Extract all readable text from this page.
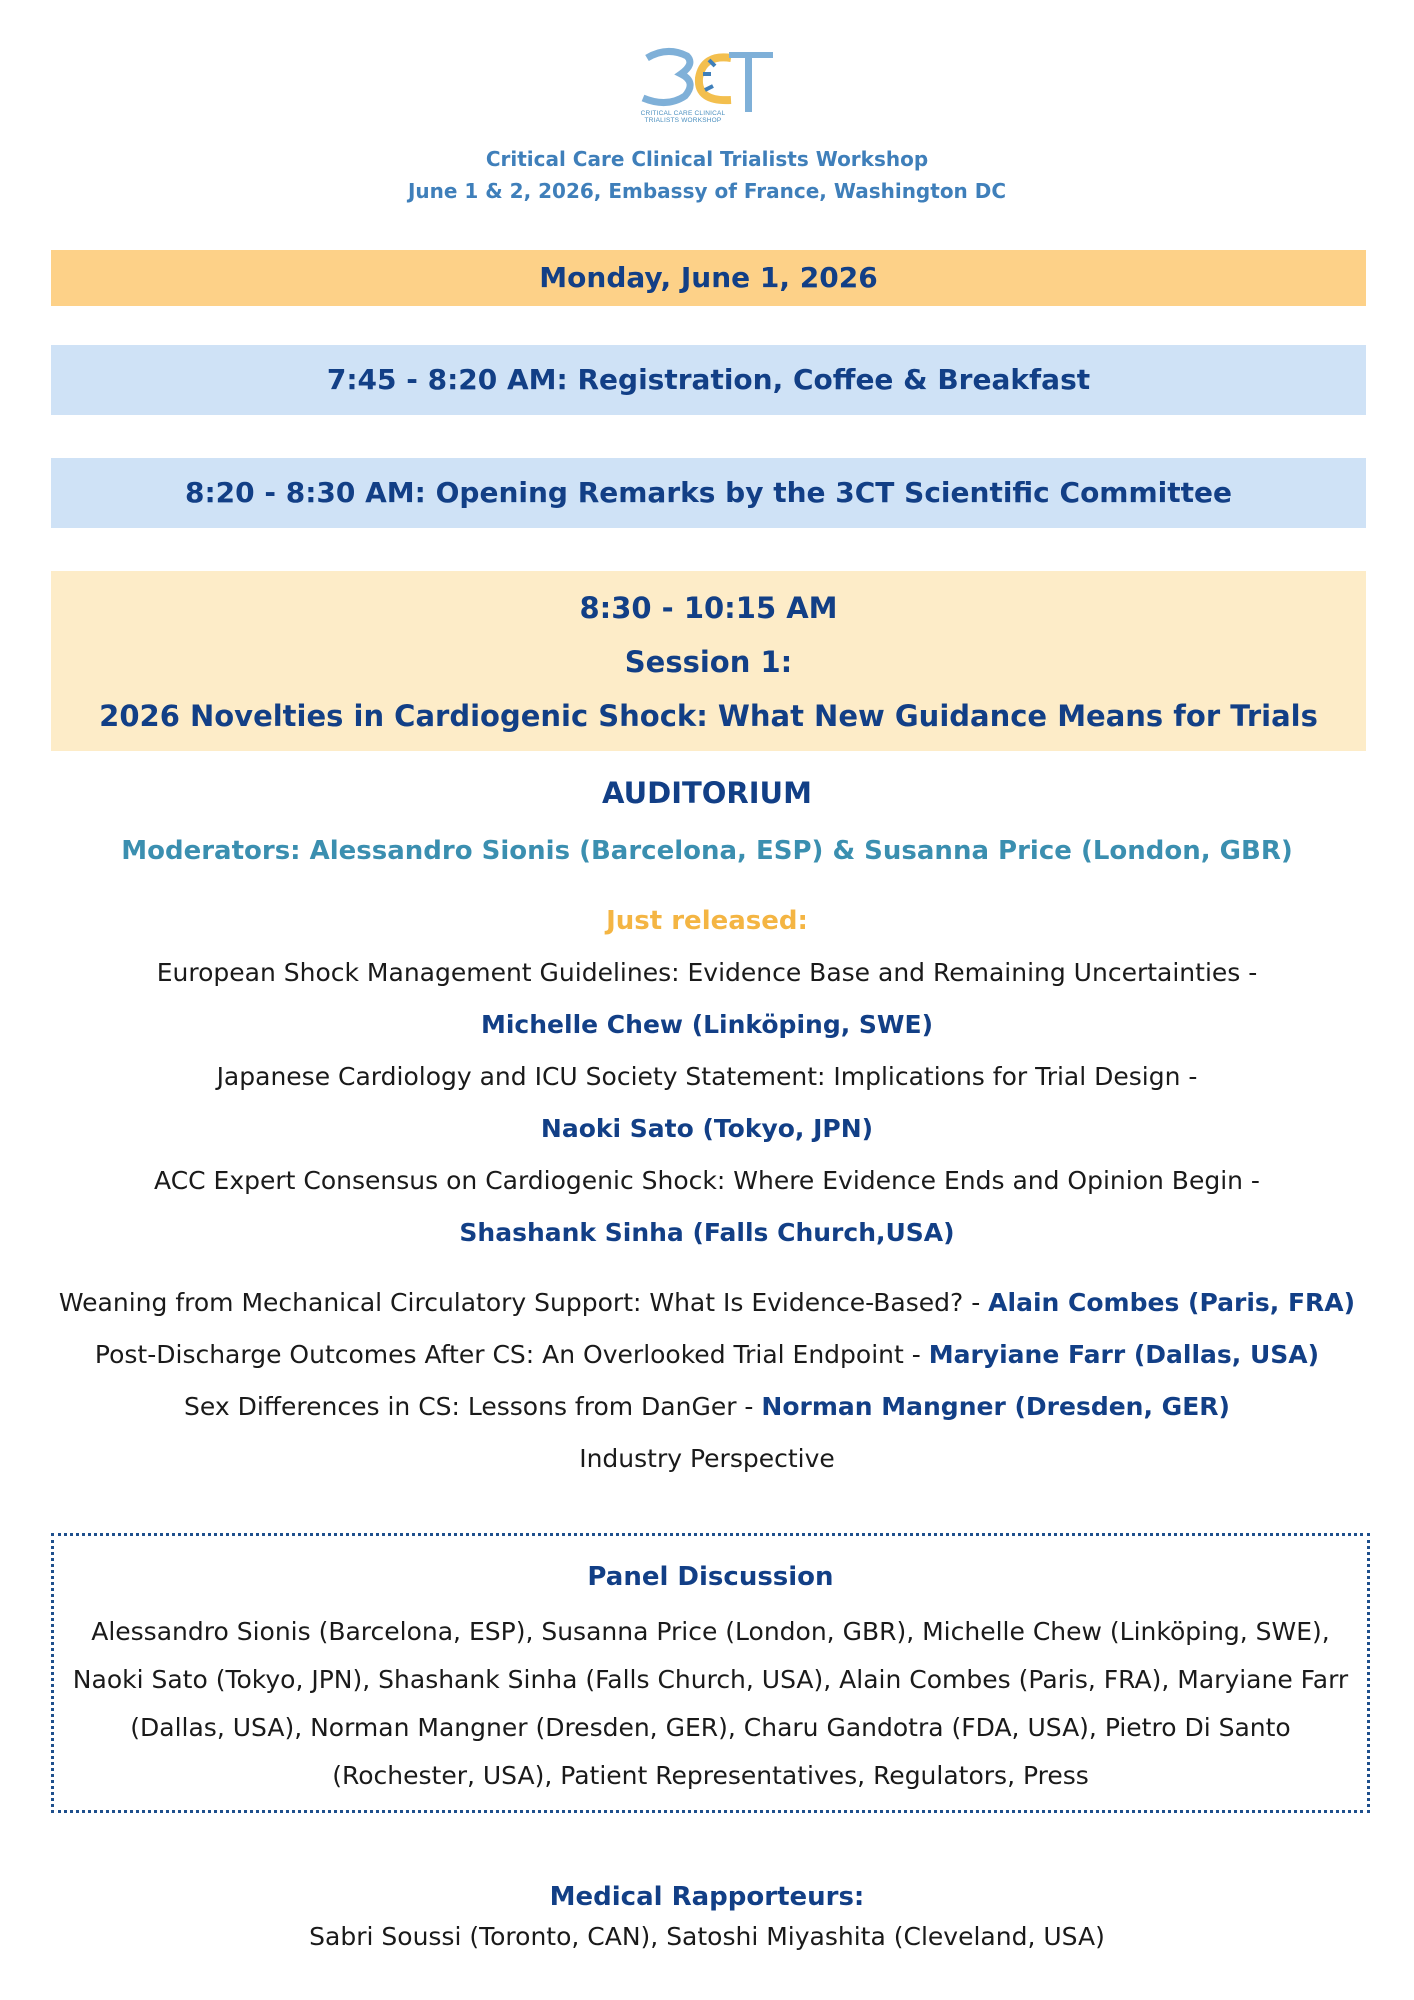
CRITICAL CARE CLINICAL TRIALISTS WORKSHOP
Critical Care Clinical Trialists Workshop
June 1 & 2, 2026, Embassy of France, Washington DC
Monday, June 1, 2026
7:45 - 8:20 AM: Registration, Coffee & Breakfast
8:20 - 8:30 AM: Opening Remarks by the 3CT Scientific Committee
8:30 - 10:15 AM
Session 1:
2026 Novelties in Cardiogenic Shock: What New Guidance Means for Trials
AUDITORIUM
Moderators: Alessandro Sionis (Barcelona, ESP) & Susanna Price (London, GBR)
Just released:
European Shock Management Guidelines: Evidence Base and Remaining Uncertainties -
Michelle Chew (Linköping, SWE)
Japanese Cardiology and ICU Society Statement: Implications for Trial Design -
Naoki Sato (Tokyo, JPN)
ACC Expert Consensus on Cardiogenic Shock: Where Evidence Ends and Opinion Begin -
Shashank Sinha (Falls Church,USA)
Weaning from Mechanical Circulatory Support: What Is Evidence-Based? - Alain Combes (Paris, FRA)
Post-Discharge Outcomes After CS: An Overlooked Trial Endpoint - Maryiane Farr (Dallas, USA)
Sex Differences in CS: Lessons from DanGer - Norman Mangner (Dresden, GER)
Industry Perspective
Panel Discussion
Alessandro Sionis (Barcelona, ESP), Susanna Price (London, GBR), Michelle Chew (Linköping, SWE), Naoki Sato (Tokyo, JPN), Shashank Sinha (Falls Church, USA), Alain Combes (Paris, FRA), Maryiane Farr (Dallas, USA), Norman Mangner (Dresden, GER), Charu Gandotra (FDA, USA), Pietro Di Santo (Rochester, USA), Patient Representatives, Regulators, Press
Medical Rapporteurs:
Sabri Soussi (Toronto, CAN), Satoshi Miyashita (Cleveland, USA)
